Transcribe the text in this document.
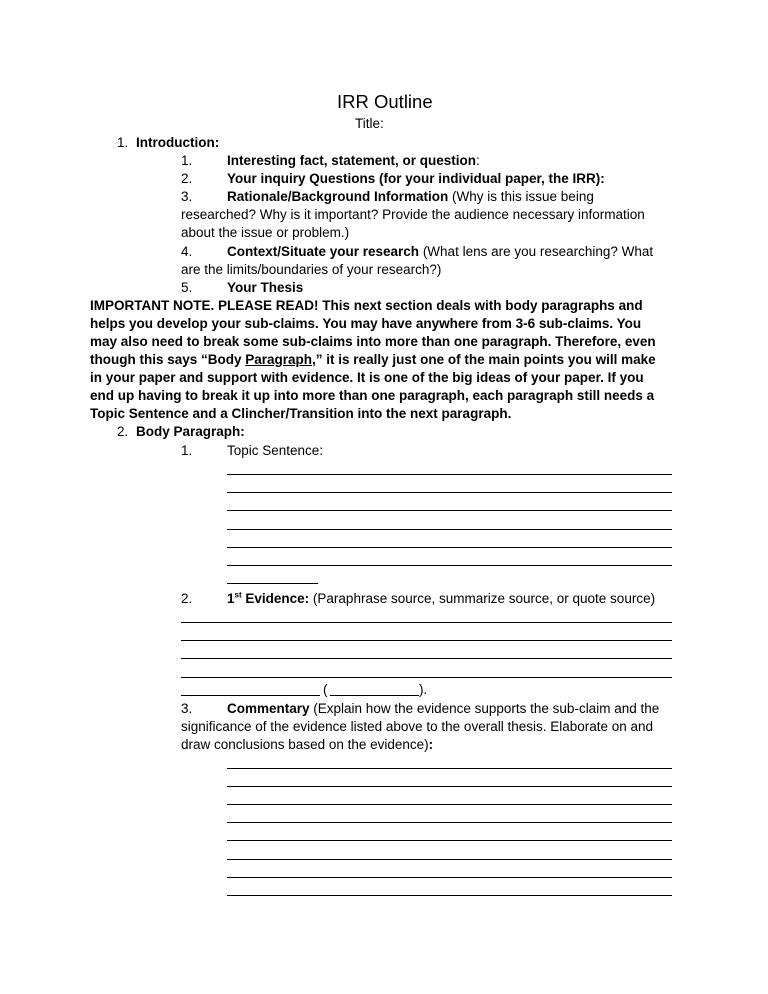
IRR Outline
Title:
1. Introduction:
1.	Interesting fact, statement, or question:
2.	Your inquiry Questions (for your individual paper, the IRR):
3.	Rationale/Background Information (Why is this issue being
researched? Why is it important? Provide the audience necessary information
about the issue or problem.)
4.	Context/Situate your research (What lens are you researching? What
are the limits/boundaries of your research?)
5.	Your Thesis
IMPORTANT NOTE. PLEASE READ! This next section deals with body paragraphs and
helps you develop your sub-claims. You may have anywhere from 3-6 sub-claims. You
may also need to break some sub-claims into more than one paragraph. Therefore, even
though this says “Body Paragraph,” it is really just one of the main points you will make
in your paper and support with evidence. It is one of the big ideas of your paper. If you
end up having to break it up into more than one paragraph, each paragraph still needs a
Topic Sentence and a Clincher/Transition into the next paragraph.
2. Body Paragraph:
1.	Topic Sentence:
2.	1st Evidence: (Paraphrase source, summarize source, or quote source)
(	).
3.	Commentary (Explain how the evidence supports the sub-claim and the
significance of the evidence listed above to the overall thesis. Elaborate on and
draw conclusions based on the evidence):
